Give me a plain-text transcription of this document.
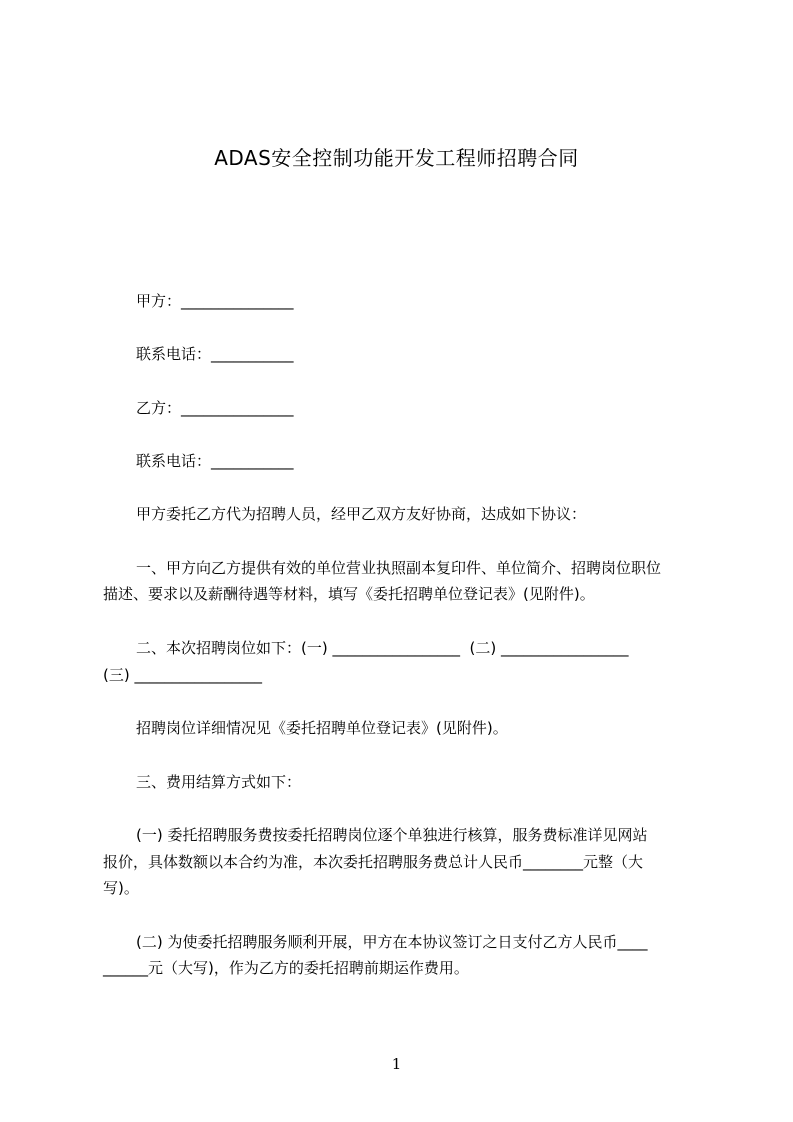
ADAS安全控制功能开发工程师招聘合同
甲方：_______________
联系电话：___________
乙方：_______________
联系电话：___________
甲方委托乙方代为招聘人员，经甲乙双方友好协商，达成如下协议：
一、甲方向乙方提供有效的单位营业执照副本复印件、单位简介、招聘岗位职位
描述、要求以及薪酬待遇等材料，填写《委托招聘单位登记表》(见附件)。
二、本次招聘岗位如下：(一) _________________  (二) _________________
(三) _________________
招聘岗位详细情况见《委托招聘单位登记表》(见附件)。
三、费用结算方式如下：
(一) 委托招聘服务费按委托招聘岗位逐个单独进行核算，服务费标准详见网站
报价，具体数额以本合约为准，本次委托招聘服务费总计人民币________元整（大
写)。
(二) 为使委托招聘服务顺利开展，甲方在本协议签订之日支付乙方人民币____
______元（大写)，作为乙方的委托招聘前期运作费用。
1
